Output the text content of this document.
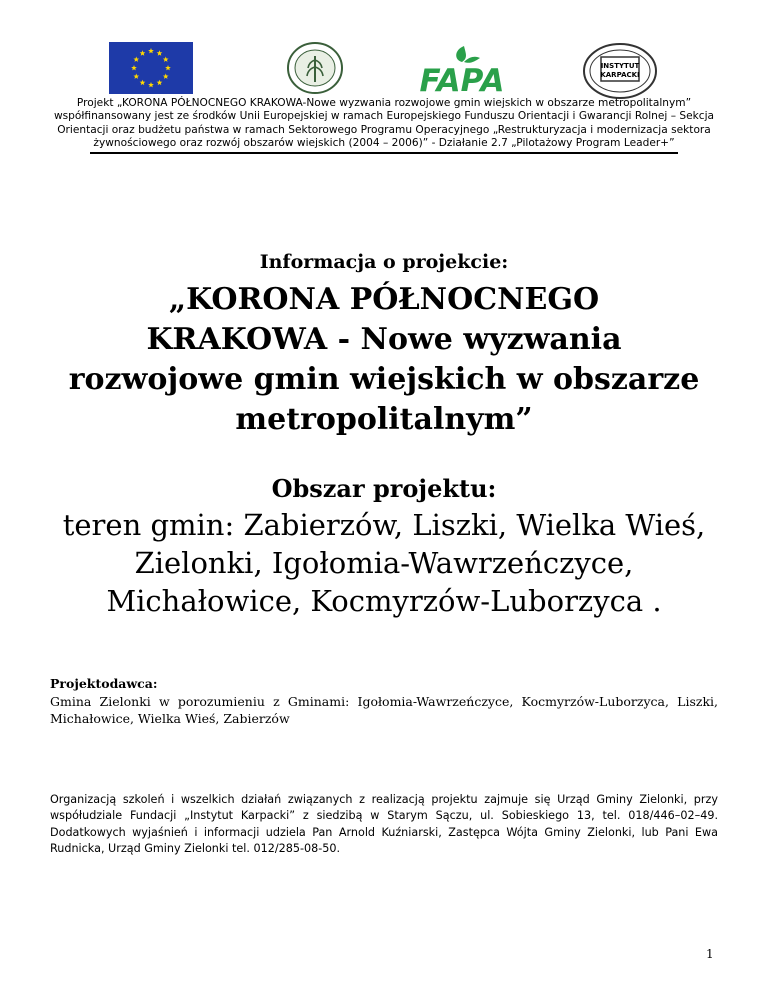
FAPA	INSTYTUT
KARPACKI
Projekt „KORONA PÓŁNOCNEGO KRAKOWA-Nowe wyzwania rozwojowe gmin wiejskich w obszarze metropolitalnym”
współfinansowany jest ze środków Unii Europejskiej w ramach Europejskiego Funduszu Orientacji i Gwarancji Rolnej – Sekcja
Orientacji oraz budżetu państwa w ramach Sektorowego Programu Operacyjnego „Restrukturyzacja i modernizacja sektora
żywnościowego oraz rozwój obszarów wiejskich (2004 – 2006)” - Działanie 2.7 „Pilotażowy Program Leader+”
Informacja o projekcie:
„KORONA PÓŁNOCNEGO
KRAKOWA - Nowe wyzwania
rozwojowe gmin wiejskich w obszarze
metropolitalnym”
Obszar projektu:
teren gmin: Zabierzów, Liszki, Wielka Wieś,
Zielonki, Igołomia-Wawrzeńczyce,
Michałowice, Kocmyrzów-Luborzyca .
Projektodawca:
Gmina Zielonki w porozumieniu z Gminami: Igołomia-Wawrzeńczyce, Kocmyrzów-Luborzyca, Liszki, Michałowice, Wielka Wieś, Zabierzów
Organizacją szkoleń i wszelkich działań związanych z realizacją projektu zajmuje się Urząd Gminy Zielonki, przy współudziale Fundacji „Instytut Karpacki” z siedzibą w Starym Sączu, ul. Sobieskiego 13, tel. 018/446–02–49. Dodatkowych wyjaśnień i informacji udziela Pan Arnold Kuźniarski, Zastępca Wójta Gminy Zielonki, lub Pani Ewa Rudnicka, Urząd Gminy Zielonki tel. 012/285-08-50.
1
